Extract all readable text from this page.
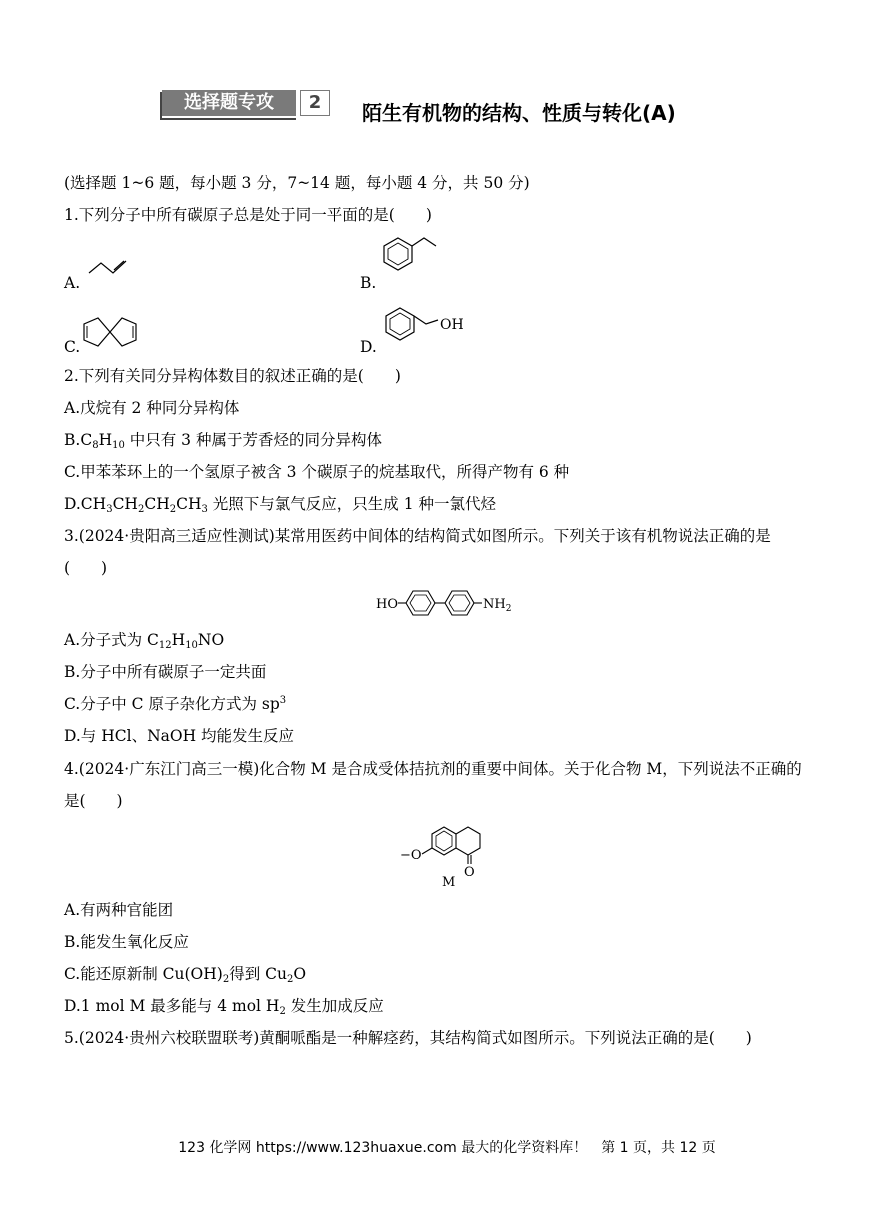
选择题专攻	2	陌生有机物的结构、性质与转化(A)
(选择题 1~6 题，每小题 3 分，7~14 题，每小题 4 分，共 50 分)
1.下列分子中所有碳原子总是处于同一平面的是(　　)
A.	B.
C.	D.
OH
2.下列有关同分异构体数目的叙述正确的是(　　)
A.戊烷有 2 种同分异构体
$B.C_8H_{10}$ 中只有 3 种属于芳香烃的同分异构体
C.甲苯苯环上的一个氢原子被含 3 个碳原子的烷基取代，所得产物有 6 种
$D.CH_3CH_2CH_2CH_3$ 光照下与氯气反应，只生成 1 种一氯代烃
3.(2024·贵阳高三适应性测试)某常用医药中间体的结构简式如图所示。下列关于该有机物说法正确的是
(　　)
HO	$NH_2$
A.分子式为 $C_{12}H_{10}NO$
B.分子中所有碳原子一定共面
C.分子中 C 原子杂化方式为 $sp^3$
D.与 HCl、NaOH 均能发生反应
4.(2024·广东江门高三一模)化合物 M 是合成受体拮抗剂的重要中间体。关于化合物 M，下列说法不正确的
是(　　)
−O
O
M
A.有两种官能团
B.能发生氧化反应
C.能还原新制 $Cu(OH)_2$得到 $Cu_2O$
D.1 mol M 最多能与 4 mol $H_2$ 发生加成反应
5.(2024·贵州六校联盟联考)黄酮哌酯是一种解痉药，其结构简式如图所示。下列说法正确的是(　　)
123 化学网 https://www.123huaxue.com 最大的化学资料库！　第 1 页，共 12 页
